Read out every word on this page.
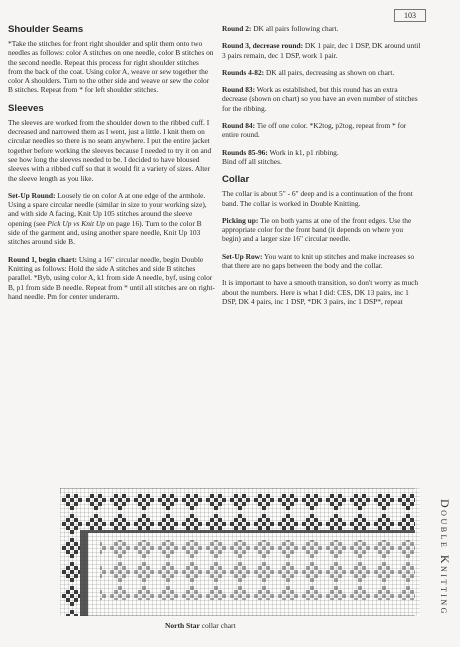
103
Shoulder Seams

*Take the stitches for front right shoulder and split them onto two needles as follows: color A stitches on one needle, color B stitches on the second needle. Repeat this process for right shoulder stitches from the back of the coat. Using color A, weave or sew together the color A shoulders. Turn to the other side and weave or sew the color B stitches. Repeat from * for left shoulder stitches.

Sleeves

The sleeves are worked from the shoulder down to the ribbed cuff. I decreased and narrowed them as I went, just a little. I knit them on circular needles so there is no seam anywhere. I put the entire jacket together before working the sleeves because I needed to try it on and see how long the sleeves needed to be. I decided to have bloused sleeves with a ribbed cuff so that it would fit a variety of sizes. Alter the sleeve length as you like.

Set-Up Round: Loosely tie on color A at one edge of the armhole. Using a spare circular needle (similar in size to your working size), and with side A facing, Knit Up 105 stitches around the sleeve opening (see Pick Up vs Knit Up on page 16). Turn to the color B side of the garment and, using another spare needle, Knit Up 103 stitches around side B.

Round 1, begin chart: Using a 16" circular needle, begin Double Knitting as follows: Hold the side A stitches and side B stitches parallel. *Byb, using color A, k1 from side A needle, byf, using color B, p1 from side B needle. Repeat from * until all stitches are on right-hand needle. Pm for center underarm.

Round 2: DK all pairs following chart.

Round 3, decrease round: DK 1 pair, dec 1 DSP, DK around until 3 pairs remain, dec 1 DSP, work 1 pair.

Rounds 4-82: DK all pairs, decreasing as shown on chart.

Round 83: Work as established, but this round has an extra decrease (shown on chart) so you have an even number of stitches for the ribbing.

Round 84: Tie off one color. *K2tog, p2tog, repeat from * for entire round.

Rounds 85-96: Work in k1, p1 ribbing.
Bind off all stitches.

Collar

The collar is about 5" - 6" deep and is a continuation of the front band. The collar is worked in Double Knitting.

Picking up: Tie on both yarns at one of the front edges. Use the appropriate color for the front band (it depends on where you begin) and a larger size 16" circular needle.

Set-Up Row: You want to knit up stitches and make increases so that there are no gaps between the body and the collar.

It is important to have a smooth transition, so don't worry as much about the numbers. Here is what I did: CES, DK 13 pairs, inc 1 DSP, DK 4 pairs, inc 1 DSP, *DK 3 pairs, inc 1 DSP*, repeat

Double Knitting
North Star collar chart
